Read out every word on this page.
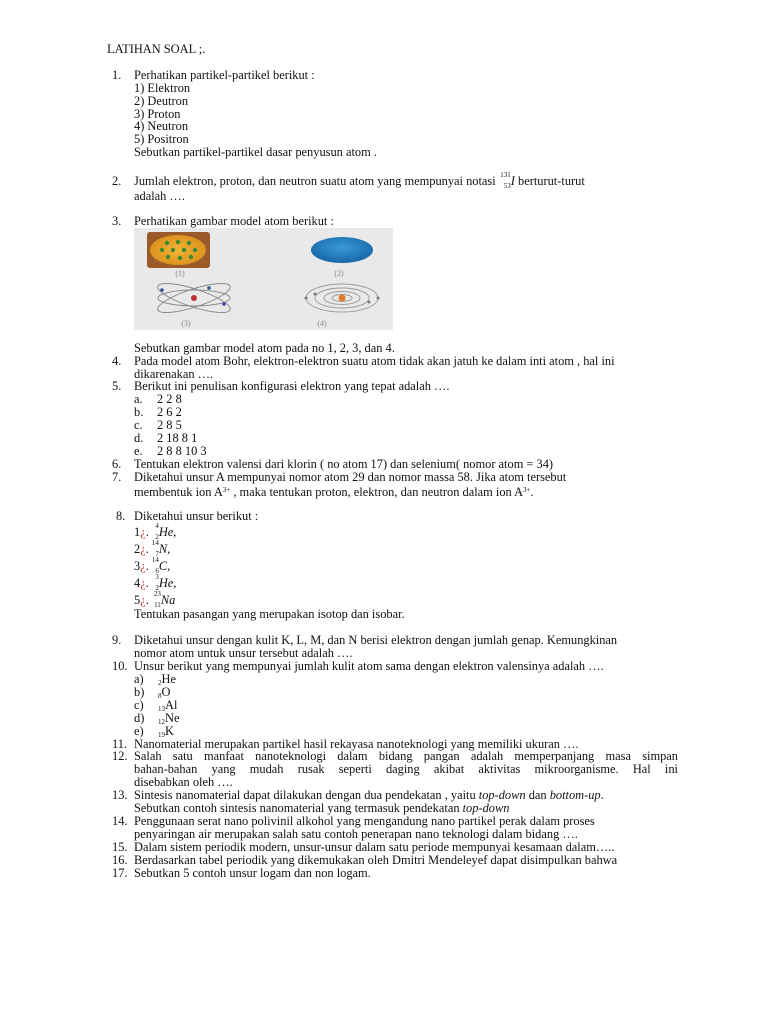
LATIHAN SOAL ;.
1. Perhatikan partikel-partikel berikut :
1) Elektron
2) Deutron
3) Proton
4) Neutron
5) Positron
Sebutkan partikel-partikel dasar penyusun atom .
2. Jumlah elektron, proton, dan neutron suatu atom yang mempunyai notasi 131
53 I berturut-turut
adalah ….
3. Perhatikan gambar model atom berikut :
(1)	(2)
(3)	(4)
Sebutkan gambar model atom pada no 1, 2, 3, dan 4.
4. Pada model atom Bohr, elektron-elektron suatu atom tidak akan jatuh ke dalam inti atom , hal ini
dikarenakan ….
5. Berikut ini penulisan konfigurasi elektron yang tepat adalah ….
a. 2 2 8
b. 2 6 2
c. 2 8 5
d. 2 18 8 1
e. 2 8 8 10 3
6. Tentukan elektron valensi dari klorin ( no atom 17) dan selenium( nomor atom = 34)
7. Diketahui unsur A mempunyai nomor atom 29 dan nomor massa 58. Jika atom tersebut
membentuk ion $A^{3+}$ , maka tentukan proton, elektron, dan neutron dalam ion $A^{3+}$.
8. Diketahui unsur berikut :
1¿. 4
2 He,
2¿. 14
7 N,
3¿. 14
6 C,
4¿. 3
2 He,
5¿. 23
11 Na
Tentukan pasangan yang merupakan isotop dan isobar.
9. Diketahui unsur dengan kulit K, L, M, dan N berisi elektron dengan jumlah genap. Kemungkinan
nomor atom untuk unsur tersebut adalah ….
10. Unsur berikut yang mempunyai jumlah kulit atom sama dengan elektron valensinya adalah ….
a) $_2$He
b) $_8$O
c) $_{13}$Al
d) $_{12}$Ne
e) $_{19}$K
11. Nanomaterial merupakan partikel hasil rekayasa nanoteknologi yang memiliki ukuran ….
12. Salah satu manfaat nanoteknologi dalam bidang pangan adalah memperpanjang masa simpan
bahan-bahan yang mudah rusak seperti daging akibat aktivitas mikroorganisme. Hal ini
disebabkan oleh ….
13. Sintesis nanomaterial dapat dilakukan dengan dua pendekatan , yaitu top-down dan bottom-up.
Sebutkan contoh sintesis nanomaterial yang termasuk pendekatan top-down
14. Penggunaan serat nano polivinil alkohol yang mengandung nano partikel perak dalam proses
penyaringan air merupakan salah satu contoh penerapan nano teknologi dalam bidang ….
15. Dalam sistem periodik modern, unsur-unsur dalam satu periode mempunyai kesamaan dalam…..
16. Berdasarkan tabel periodik yang dikemukakan oleh Dmitri Mendeleyef dapat disimpulkan bahwa
17. Sebutkan 5 contoh unsur logam dan non logam.
